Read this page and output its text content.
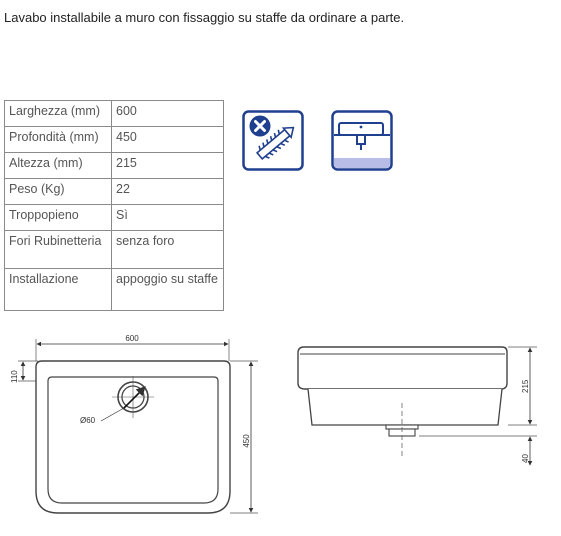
Lavabo installabile a muro con fissaggio su staffe da ordinare a parte.
Larghezza (mm)	600
Profondità (mm)	450
Altezza (mm)	215
Peso (Kg)	22
Troppopieno	Sì
Fori Rubinetteria	senza foro
Installazione	appoggio su staffe
600
110
Ø60
450
215
40
